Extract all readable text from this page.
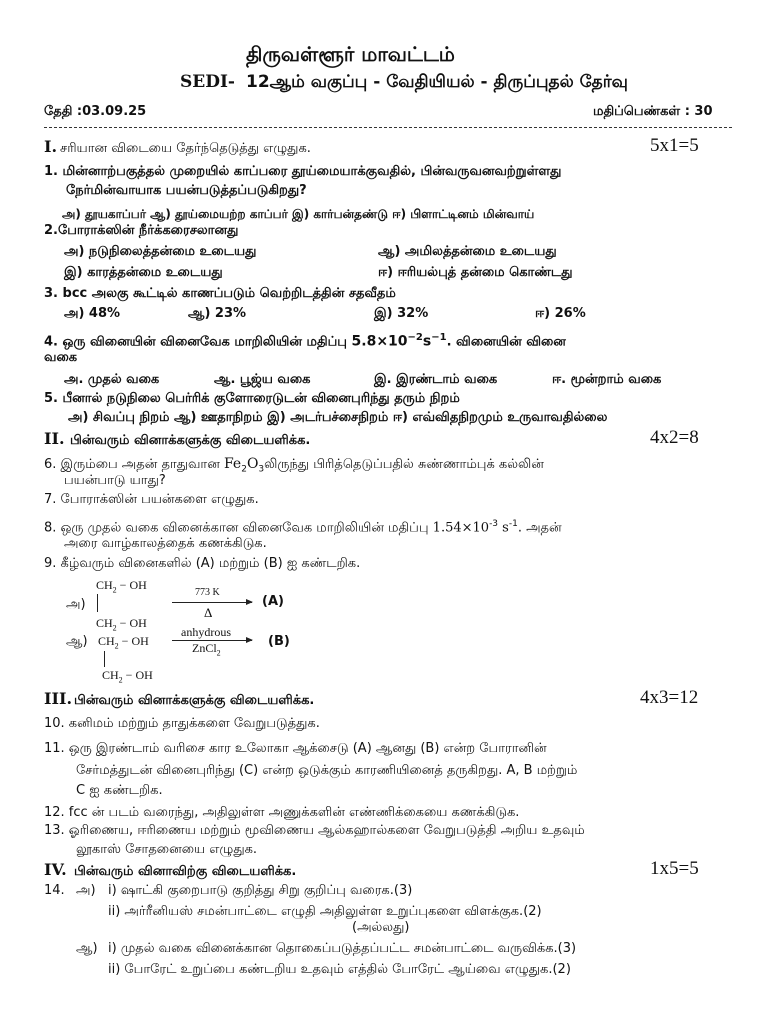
திருவள்ளூர் மாவட்டம்
SEDI- 12ஆம் வகுப்பு - வேதியியல் - திருப்புதல் தேர்வு
தேதி :03.09.25	மதிப்பெண்கள் : 30
I. சரியான விடையை தேர்ந்தெடுத்து எழுதுக.	5x1=5
1. மின்னாற்பகுத்தல் முறையில் காப்பரை தூய்மையாக்குவதில், பின்வருவனவற்றுள்ளது
நேர்மின்வாயாக பயன்படுத்தப்படுகிறது?
அ) தூயகாப்பர் ஆ) தூய்மையற்ற காப்பர் இ) கார்பன்தண்டு ஈ) பிளாட்டினம் மின்வாய்
2.போராக்ஸின் நீர்க்கரைசலானது
அ) நடுநிலைத்தன்மை உடையது	ஆ) அமிலத்தன்மை உடையது
இ) காரத்தன்மை உடையது	ஈ) ஈரியல்புத் தன்மை கொண்டது
3. bcc அலகு கூட்டில் காணப்படும் வெற்றிடத்தின் சதவீதம்
அ) 48%	ஆ) 23%	இ) 32%	ஈ) 26%
4. ஒரு வினையின் வினைவேக மாறிலியின் மதிப்பு $5.8\times 10^{-2}s^{-1}$. வினையின் வினை
வகை
அ. முதல் வகை	ஆ. பூஜ்ய வகை	இ. இரண்டாம் வகை	ஈ. மூன்றாம் வகை
5. பீனால் நடுநிலை பெர்ரிக் குளோரைடுடன் வினைபுரிந்து தரும் நிறம்
அ) சிவப்பு நிறம் ஆ) ஊதாநிறம் இ) அடர்பச்சைநிறம் ஈ) எவ்விதநிறமும் உருவாவதில்லை
II. பின்வரும் வினாக்களுக்கு விடையளிக்க.	4x2=8
6. இரும்பை அதன் தாதுவான $Fe_2O_3லிருந்து$ பிரித்தெடுப்பதில் சுண்ணாம்புக் கல்லின்
பயன்பாடு யாது?
7. போராக்ஸின் பயன்களை எழுதுக.
8. ஒரு முதல் வகை வினைக்கான வினைவேக மாறிலியின் மதிப்பு $1.54\times 10^{-3}$ $s^{-1}$. அதன்
அரை வாழ்காலத்தைக் கணக்கிடுக.
9. கீழ்வரும் வினைகளில் (A) மற்றும் (B) ஐ கண்டறிக.
$CH_2$ − OH
அ)
$CH_2$ − OH
773 K
Δ
(A)
ஆ) $CH_2$ − OH
anhydrous
ZnCl$_2$
(B)
$CH_2$ − OH
III. பின்வரும் வினாக்களுக்கு விடையளிக்க.	4x3=12
10. கனிமம் மற்றும் தாதுக்களை வேறுபடுத்துக.
11. ஒரு இரண்டாம் வரிசை கார உலோகா ஆக்சைடு (A) ஆனது (B) என்ற போரானின்
சேர்மத்துடன் வினைபுரிந்து (C) என்ற ஒடுக்கும் காரணியினைத் தருகிறது. A, B மற்றும்
C ஐ கண்டறிக.
12. fcc ன் படம் வரைந்து, அதிலுள்ள அணுக்களின் எண்ணிக்கையை கணக்கிடுக.
13. ஓரிணைய, ஈரிணைய மற்றும் மூவிணைய ஆல்கஹால்களை வேறுபடுத்தி அறிய உதவும்
லூகாஸ் சோதனையை எழுதுக.
IV. பின்வரும் வினாவிற்கு விடையளிக்க.	1x5=5
14. அ) i) ஷாட்கி குறைபாடு குறித்து சிறு குறிப்பு வரைக.(3)
ii) அர்ரீனியஸ் சமன்பாட்டை எழுதி அதிலுள்ள உறுப்புகளை விளக்குக.(2)
(அல்லது)
ஆ) i) முதல் வகை வினைக்கான தொகைப்படுத்தப்பட்ட சமன்பாட்டை வருவிக்க.(3)
ii) போரேட் உறுப்பை கண்டறிய உதவும் எத்தில் போரேட் ஆய்வை எழுதுக.(2)
